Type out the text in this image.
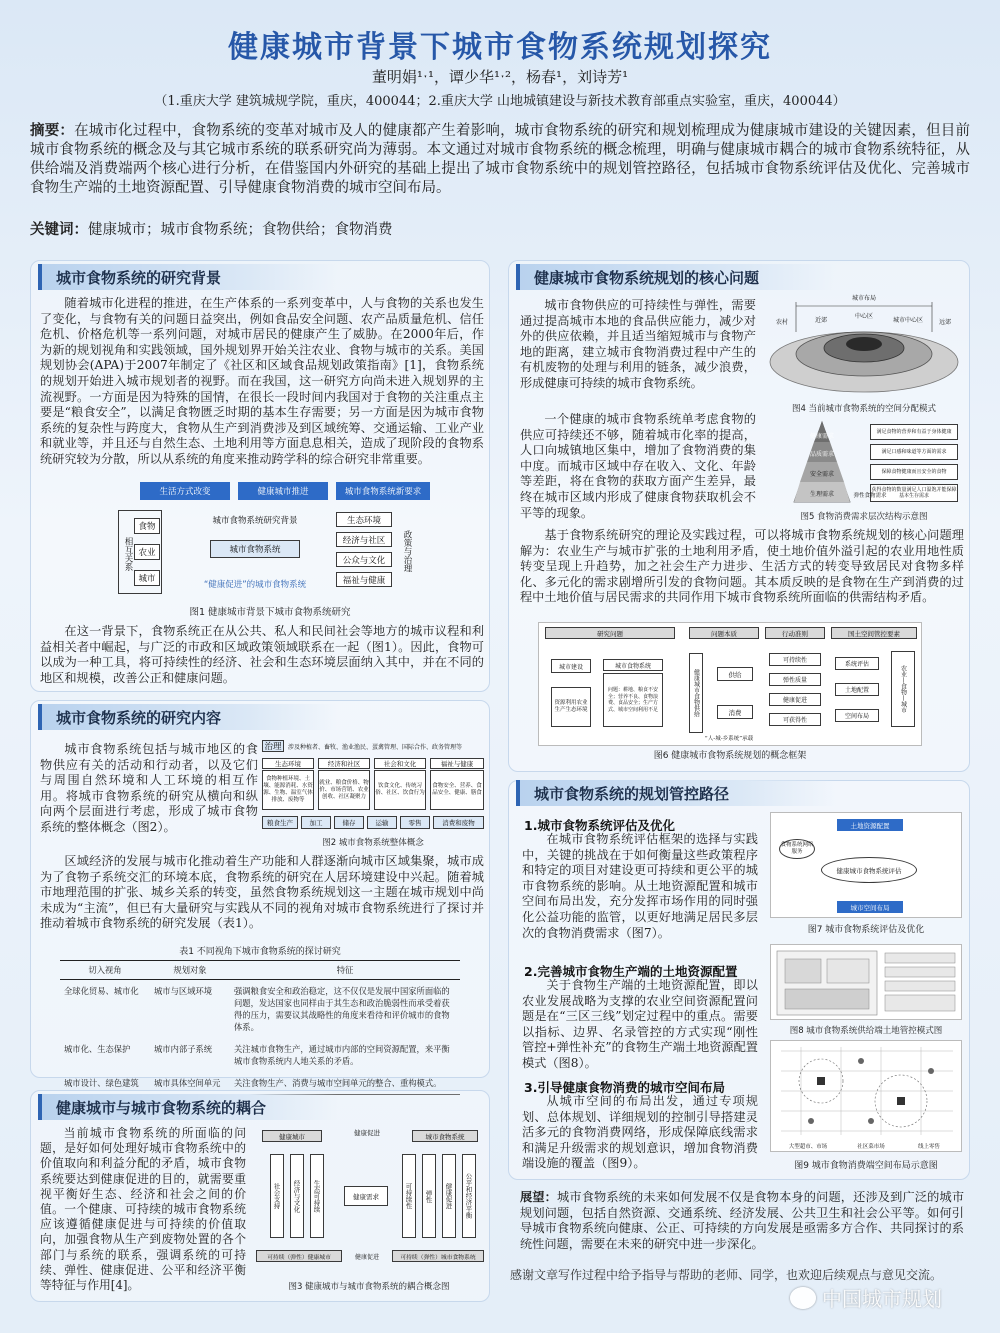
健康城市背景下城市食物系统规划探究
董明娟¹ˑ¹，谭少华¹ˑ²，杨春¹，刘诗芳¹
（1.重庆大学 建筑城规学院，重庆，400044；2.重庆大学 山地城镇建设与新技术教育部重点实验室，重庆，400044）
摘要：在城市化过程中，食物系统的变革对城市及人的健康都产生着影响，城市食物系统的研究和规划梳理成为健康城市建设的关键因素，但目前城市食物系统的概念及与其它城市系统的联系研究尚为薄弱。本文通过对城市食物系统的概念梳理，明确与健康城市耦合的城市食物系统特征，从供给端及消费端两个核心进行分析，在借鉴国内外研究的基础上提出了城市食物系统中的规划管控路径，包括城市食物系统评估及优化、完善城市食物生产端的土地资源配置、引导健康食物消费的城市空间布局。
关键词：健康城市；城市食物系统；食物供给；食物消费
城市食物系统的研究背景
随着城市化进程的推进，在生产体系的一系列变革中，人与食物的关系也发生了变化，与食物有关的问题日益突出，例如食品安全问题、农产品质量危机、信任危机、价格危机等一系列问题，对城市居民的健康产生了威胁。在2000年后，作为新的规划视角和实践领域，国外规划界开始关注农业、食物与城市的关系。美国规划协会(APA)于2007年制定了《社区和区域食品规划政策指南》[1]，食物系统的规划开始进入城市规划者的视野。而在我国，这一研究方向尚未进入规划界的主流视野。一方面是因为特殊的国情，在很长一段时间内我国对于食物的关注重点主要是“粮食安全”，以满足食物匮乏时期的基本生存需要；另一方面是因为城市食物系统的复杂性与跨度大，食物从生产到消费涉及到区域统筹、交通运输、工业产业和就业等，并且还与自然生态、土地利用等方面息息相关，造成了现阶段的食物系统研究较为分散，所以从系统的角度来推动跨学科的综合研究非常重要。
生活方式改变	健康城市推进	城市食物系统新要求
相互关系
食物
农业
城市
城市食物系统研究背景
城市食物系统
“健康促进”的城市食物系统
生态环境
经济与社区
公众与文化
福祉与健康
政策与治理
图1 健康城市背景下城市食物系统研究
在这一背景下，食物系统正在从公共、私人和民间社会等地方的城市议程和利益相关者中崛起，与广泛的市政和区域政策领域联系在一起（图1）。因此，食物可以成为一种工具，将可持续性的经济、社会和生态环境层面纳入其中，并在不同的地区和规模，改善公正和健康问题。
城市食物系统的研究内容
城市食物系统包括与城市地区的食物供应有关的活动和行动者，以及它们与周围自然环境和人工环境的相互作用。将城市食物系统的研究从横向和纵向两个层面进行考虑，形成了城市食物系统的整体概念（图2）。
治理	涉及种植者、畜牧、渔业渔民、蛋禽管理、国际合作、政务管理等
生态环境
食物种植环境、土壤、能源消耗、水资源、生物、温室气体排放、废物等
经济和社区
就业、粮食价格、物价、市场营销、农业创收、社区凝聚力
社会和文化
饮食文化、传统习俗、社区、饮食行为
福祉与健康
食物安全、营养、食品安全、健康、膳食
粮食生产	加工	储存	运输	零售	消费和废物
图2 城市食物系统整体概念
区域经济的发展与城市化推动着生产功能和人群逐渐向城市区域集聚，城市成为了食物子系统交汇的环境本底，食物系统的研究在人居环境建设中兴起。随着城市地理范围的扩张、城乡关系的转变，虽然食物系统规划这一主题在城市规划中尚未成为“主流”，但已有大量研究与实践从不同的视角对城市食物系统进行了探讨并推动着城市食物系统的研究发展（表1）。
表1 不同视角下城市食物系统的探讨研究
切入视角	规划对象	特征
全球化贸易、城市化	城市与区域环境	强调粮食安全和政治稳定，这不仅仅是发展中国家所面临的问题，发达国家也同样由于其生态和政治脆弱性而承受着获得的压力，需要议其战略性的角度来看待和评价城市的食物体系。
城市化、生态保护	城市内部子系统	关注城市食物生产，通过城市内部的空间资源配置，来平衡城市食物系统内人地关系的矛盾。
城市设计、绿色建筑	城市具体空间单元	关注食物生产、消费与城市空间单元的整合、重构模式。
健康城市与城市食物系统的耦合
当前城市食物系统的所面临的问题，是好如何处理好城市食物系统中的价值取向和利益分配的矛盾，城市食物系统要达到健康促进的目的，就需要重视平衡好生态、经济和社会之间的价值。一个健康、可持续的城市食物系统应该遵循健康促进与可持续的价值取向，加强食物从生产到废物处置的各个部门与系统的联系，强调系统的可持续、弹性、健康促进、公平和经济平衡等特征与作用[4]。
健康城市	健康促进	城市食物系统
社会支持	经济与文化	生态可持续	健康需求	可持续性	弹性	健康促进	公平和经济平衡
可持续（弹性）健康城市	健康促进	可持续（弹性）城市食物系统
图3 健康城市与城市食物系统的耦合概念图
健康城市食物系统规划的核心问题
城市食物供应的可持续性与弹性，需要通过提高城市本地的食品供应能力，减少对外的供应依赖，并且适当缩短城市与食物产地的距离，建立城市食物消费过程中产生的有机废物的处理与利用的链条，减少浪费，形成健康可持续的城市食物系统。
城市布局
中心区
近郊
农村	城市中心区	远郊
图4 当前城市食物系统的空间分配模式
一个健康的城市食物系统单考虑食物的供应可持续还不够，随着城市化率的提高，人口向城镇地区集中，增加了食物消费的集中度。而城市区域中存在收入、文化、年龄等差距，将在食物的获取方面产生差异，最终在城市区域内形成了健康食物获取机会不平等的现象。
健康需求
品质需求
安全需求
生理需求
满足食物的营养和有益于身体健康
满足口感和味道等方面的需求
保障食物健康而且安全的食物
获得食物的数量满足人口温饱并能保障基本生存需求
弹性食物需求
图5 食物消费需求层次结构示意图
基于食物系统研究的理论及实践过程，可以将城市食物系统规划的核心问题理解为：农业生产与城市扩张的土地利用矛盾，使土地价值外溢引起的农业用地性质转变呈现上升趋势，加之社会生产力进步、生活方式的转变导致居民对食物多样化、多元化的需求剧增所引发的食物问题。其本质反映的是食物在生产到消费的过程中土地价值与居民需求的共同作用下城市食物系统所面临的供需结构矛盾。
研究问题	问题本质	行动准则	国土空间管控要素
城市建设
资源利用农业生产生态环境
城市食物系统
问题：耕地、粮食不安全；营养不良、食物浪费、食品安全；生产方式、城市空间利用不足	健康城市食物供给	供给
消费
可持续性
弹性质量
健康促进
可获得性
系统评估
土地配置
空间布局
农业—食物—城市
“人-城-乡系统”承载
图6 健康城市食物系统规划的概念框架
城市食物系统的规划管控路径
1.城市食物系统评估及优化
在城市食物系统评估框架的选择与实践中，关键的挑战在于如何衡量这些政策程序和特定的项目对建设更可持续和更公平的城市食物系统的影响。从土地资源配置和城市空间布局出发，充分发挥市场作用的同时强化公益功能的监管，以更好地满足居民多层次的食物消费需求（图7）。
土地资源配置
食物系统网络服务
健康城市食物系统评估
城市空间布局
图7 城市食物系统评估及优化
2.完善城市食物生产端的土地资源配置
关于食物生产端的土地资源配置，即以农业发展战略为支撑的农业空间资源配置问题是在“三区三线”划定过程中的重点。需要以指标、边界、名录管控的方式实现“刚性管控+弹性补充”的食物生产端土地资源配置模式（图8）。
图8 城市食物系统供给端土地管控模式图
3.引导健康食物消费的城市空间布局
从城市空间的布局出发，通过专项规划、总体规划、详细规划的控制引导搭建灵活多元的食物消费网络，形成保障底线需求和满足升级需求的规划意识，增加食物消费端设施的覆盖（图9）。
大型超市、市场	社区菜市场	线上零售
图9 城市食物消费端空间布局示意图
展望：城市食物系统的未来如何发展不仅是食物本身的问题，还涉及到广泛的城市规划问题，包括自然资源、交通系统、经济发展、公共卫生和社会公平等。如何引导城市食物系统向健康、公正、可持续的方向发展是亟需多方合作、共同探讨的系统性问题，需要在未来的研究中进一步深化。
感谢文章写作过程中给予指导与帮助的老师、同学，也欢迎后续观点与意见交流。
中国城市规划
